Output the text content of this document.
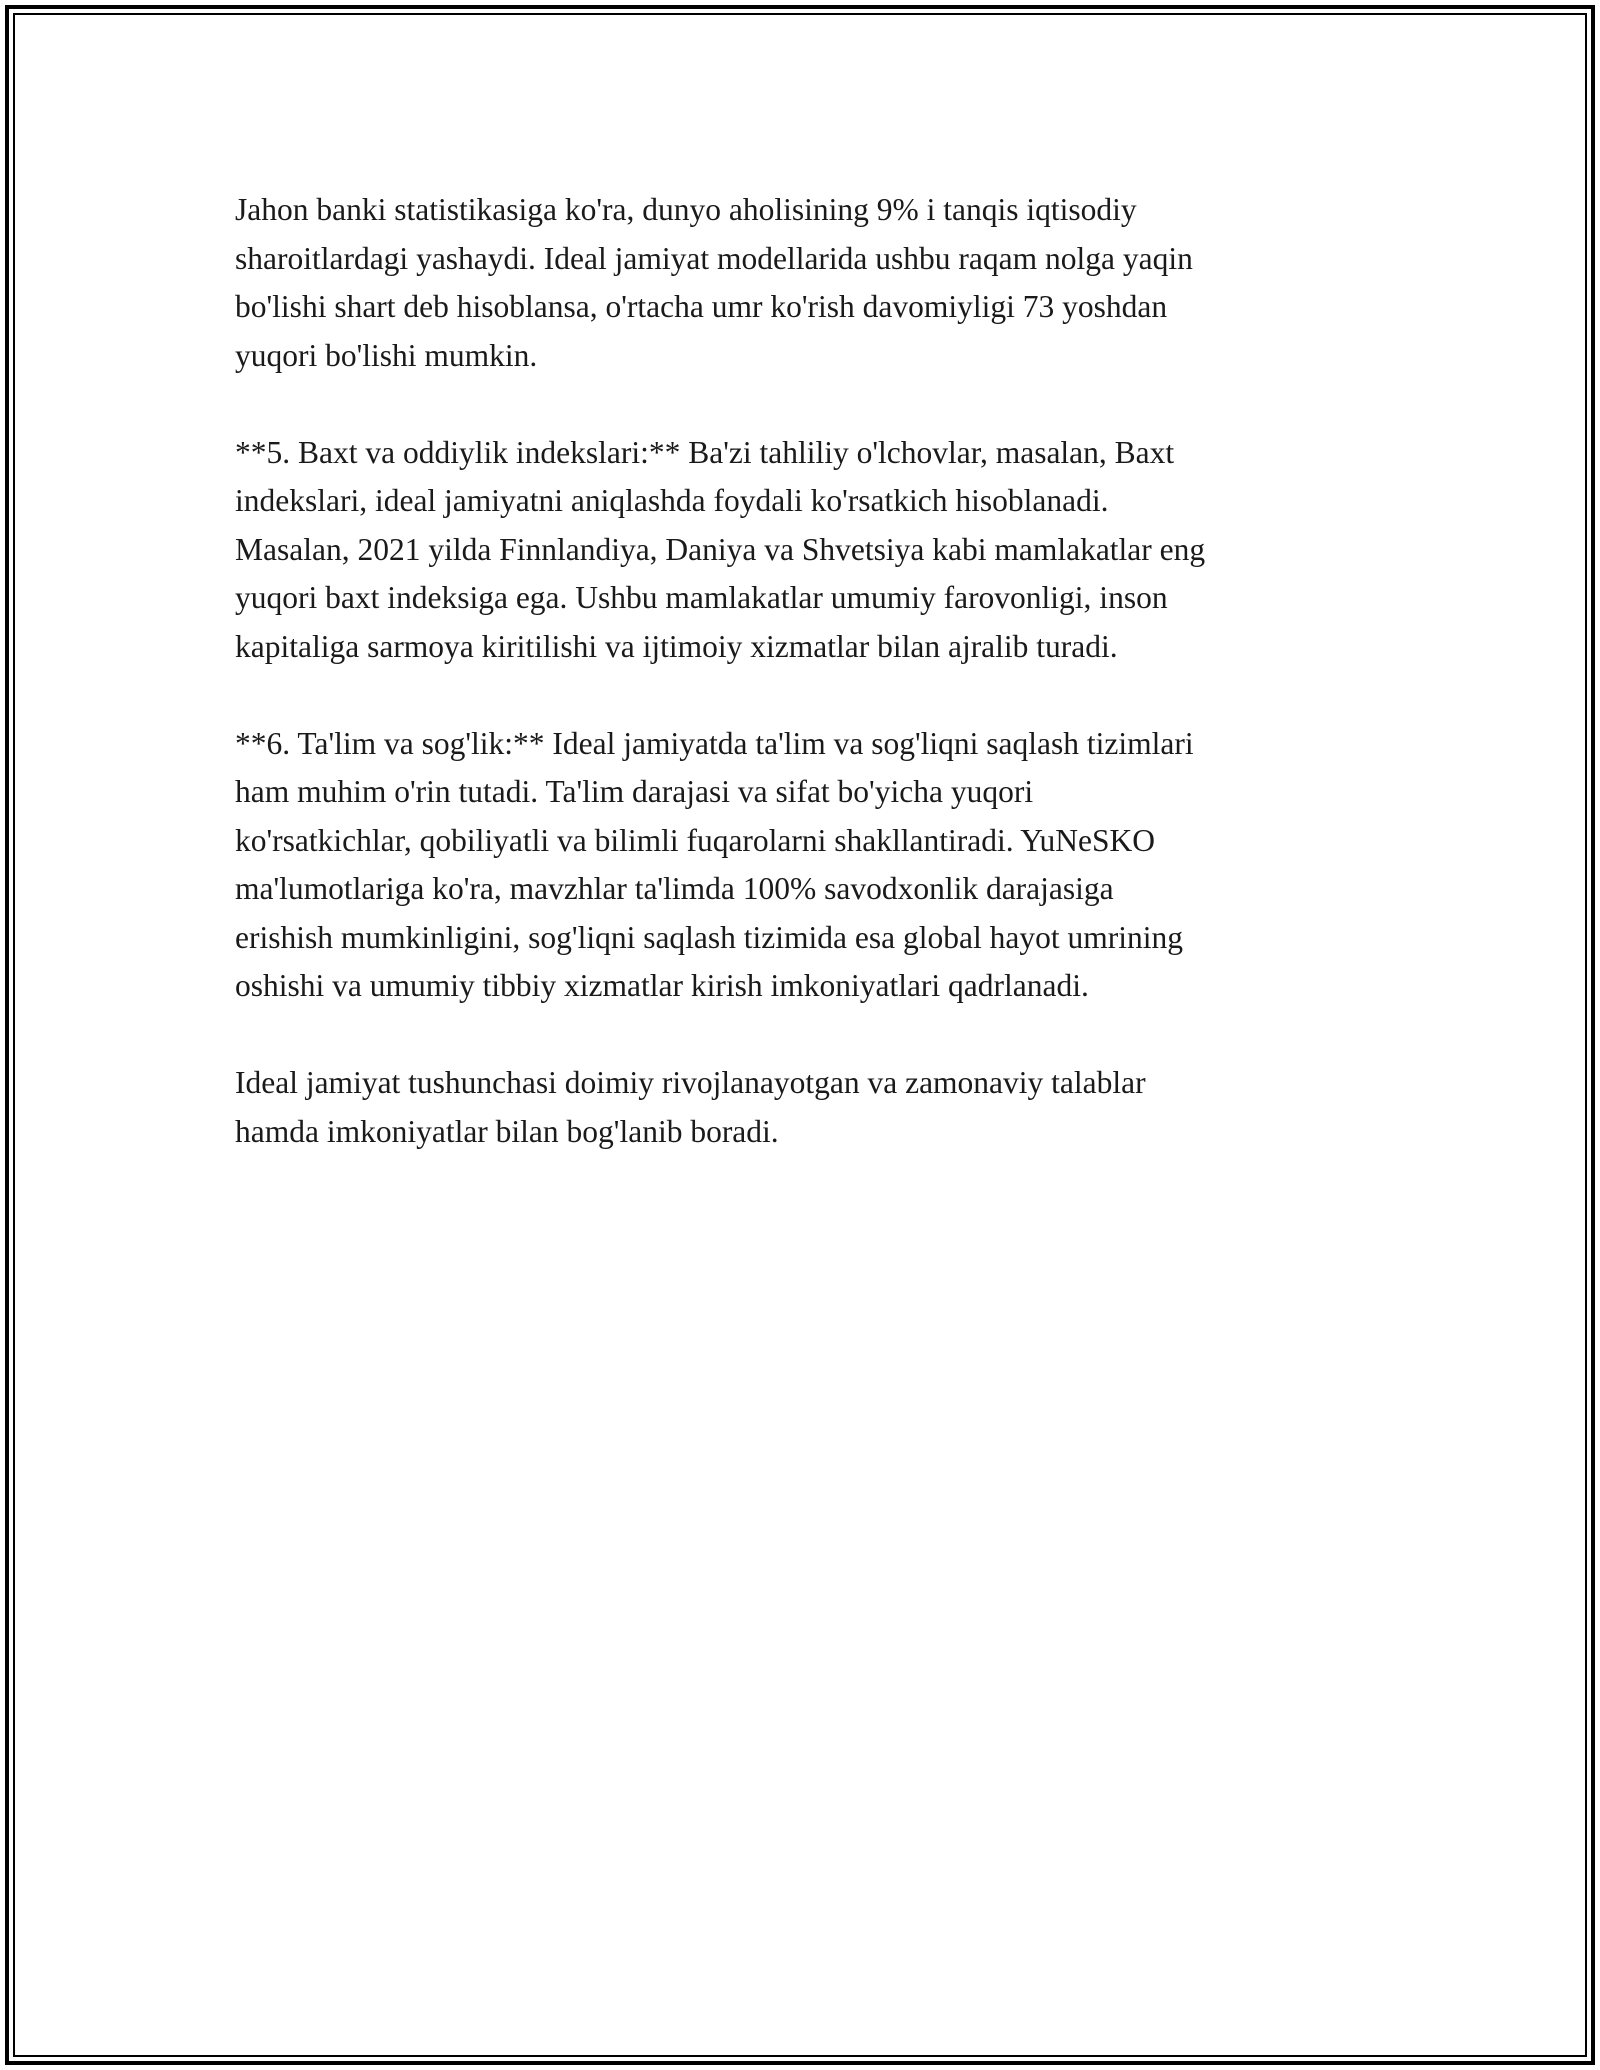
Jahon banki statistikasiga ko'ra, dunyo aholisining 9% i tanqis iqtisodiy
sharoitlardagi yashaydi. Ideal jamiyat modellarida ushbu raqam nolga yaqin
bo'lishi shart deb hisoblansa, o'rtacha umr ko'rish davomiyligi 73 yoshdan
yuqori bo'lishi mumkin.

**5. Baxt va oddiylik indekslari:** Ba'zi tahliliy o'lchovlar, masalan, Baxt
indekslari, ideal jamiyatni aniqlashda foydali ko'rsatkich hisoblanadi.
Masalan, 2021 yilda Finnlandiya, Daniya va Shvetsiya kabi mamlakatlar eng
yuqori baxt indeksiga ega. Ushbu mamlakatlar umumiy farovonligi, inson
kapitaliga sarmoya kiritilishi va ijtimoiy xizmatlar bilan ajralib turadi.

**6. Ta'lim va sog'lik:** Ideal jamiyatda ta'lim va sog'liqni saqlash tizimlari
ham muhim o'rin tutadi. Ta'lim darajasi va sifat bo'yicha yuqori
ko'rsatkichlar, qobiliyatli va bilimli fuqarolarni shakllantiradi. YuNeSKO
ma'lumotlariga ko'ra, mavzhlar ta'limda 100% savodxonlik darajasiga
erishish mumkinligini, sog'liqni saqlash tizimida esa global hayot umrining
oshishi va umumiy tibbiy xizmatlar kirish imkoniyatlari qadrlanadi.

Ideal jamiyat tushunchasi doimiy rivojlanayotgan va zamonaviy talablar
hamda imkoniyatlar bilan bog'lanib boradi.
